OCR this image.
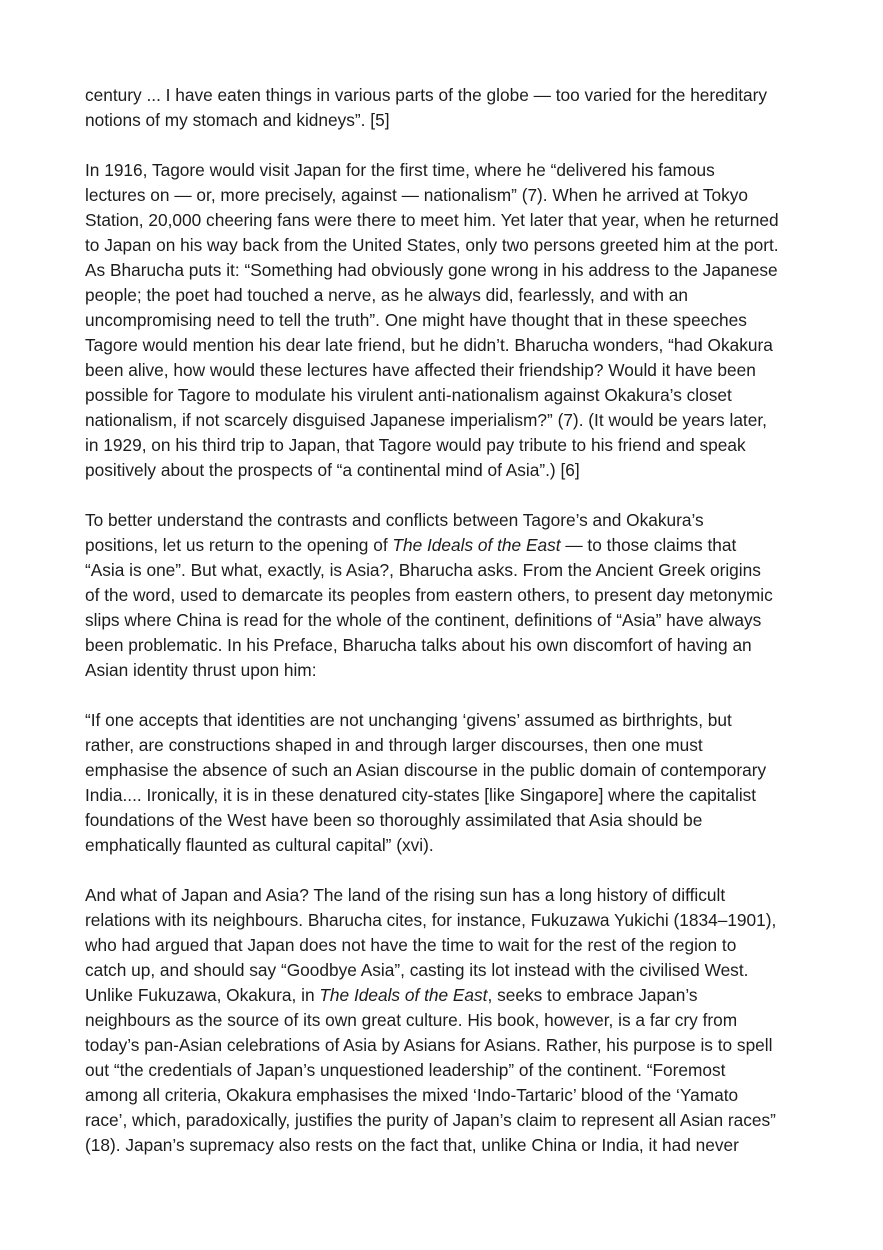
century ... I have eaten things in various parts of the globe — too varied for the hereditary
notions of my stomach and kidneys”. [5]

In 1916, Tagore would visit Japan for the first time, where he “delivered his famous
lectures on — or, more precisely, against — nationalism” (7). When he arrived at Tokyo
Station, 20,000 cheering fans were there to meet him. Yet later that year, when he returned
to Japan on his way back from the United States, only two persons greeted him at the port.
As Bharucha puts it: “Something had obviously gone wrong in his address to the Japanese
people; the poet had touched a nerve, as he always did, fearlessly, and with an
uncompromising need to tell the truth”. One might have thought that in these speeches
Tagore would mention his dear late friend, but he didn’t. Bharucha wonders, “had Okakura
been alive, how would these lectures have affected their friendship? Would it have been
possible for Tagore to modulate his virulent anti-nationalism against Okakura’s closet
nationalism, if not scarcely disguised Japanese imperialism?” (7). (It would be years later,
in 1929, on his third trip to Japan, that Tagore would pay tribute to his friend and speak
positively about the prospects of “a continental mind of Asia”.) [6]

To better understand the contrasts and conflicts between Tagore’s and Okakura’s
positions, let us return to the opening of The Ideals of the East — to those claims that
“Asia is one”. But what, exactly, is Asia?, Bharucha asks. From the Ancient Greek origins
of the word, used to demarcate its peoples from eastern others, to present day metonymic
slips where China is read for the whole of the continent, definitions of “Asia” have always
been problematic. In his Preface, Bharucha talks about his own discomfort of having an
Asian identity thrust upon him:

“If one accepts that identities are not unchanging ‘givens’ assumed as birthrights, but
rather, are constructions shaped in and through larger discourses, then one must
emphasise the absence of such an Asian discourse in the public domain of contemporary
India.... Ironically, it is in these denatured city-states [like Singapore] where the capitalist
foundations of the West have been so thoroughly assimilated that Asia should be
emphatically flaunted as cultural capital” (xvi).

And what of Japan and Asia? The land of the rising sun has a long history of difficult
relations with its neighbours. Bharucha cites, for instance, Fukuzawa Yukichi (1834–1901),
who had argued that Japan does not have the time to wait for the rest of the region to
catch up, and should say “Goodbye Asia”, casting its lot instead with the civilised West.
Unlike Fukuzawa, Okakura, in The Ideals of the East, seeks to embrace Japan’s
neighbours as the source of its own great culture. His book, however, is a far cry from
today’s pan-Asian celebrations of Asia by Asians for Asians. Rather, his purpose is to spell
out “the credentials of Japan’s unquestioned leadership” of the continent. “Foremost
among all criteria, Okakura emphasises the mixed ‘Indo-Tartaric’ blood of the ‘Yamato
race’, which, paradoxically, justifies the purity of Japan’s claim to represent all Asian races”
(18). Japan’s supremacy also rests on the fact that, unlike China or India, it had never
